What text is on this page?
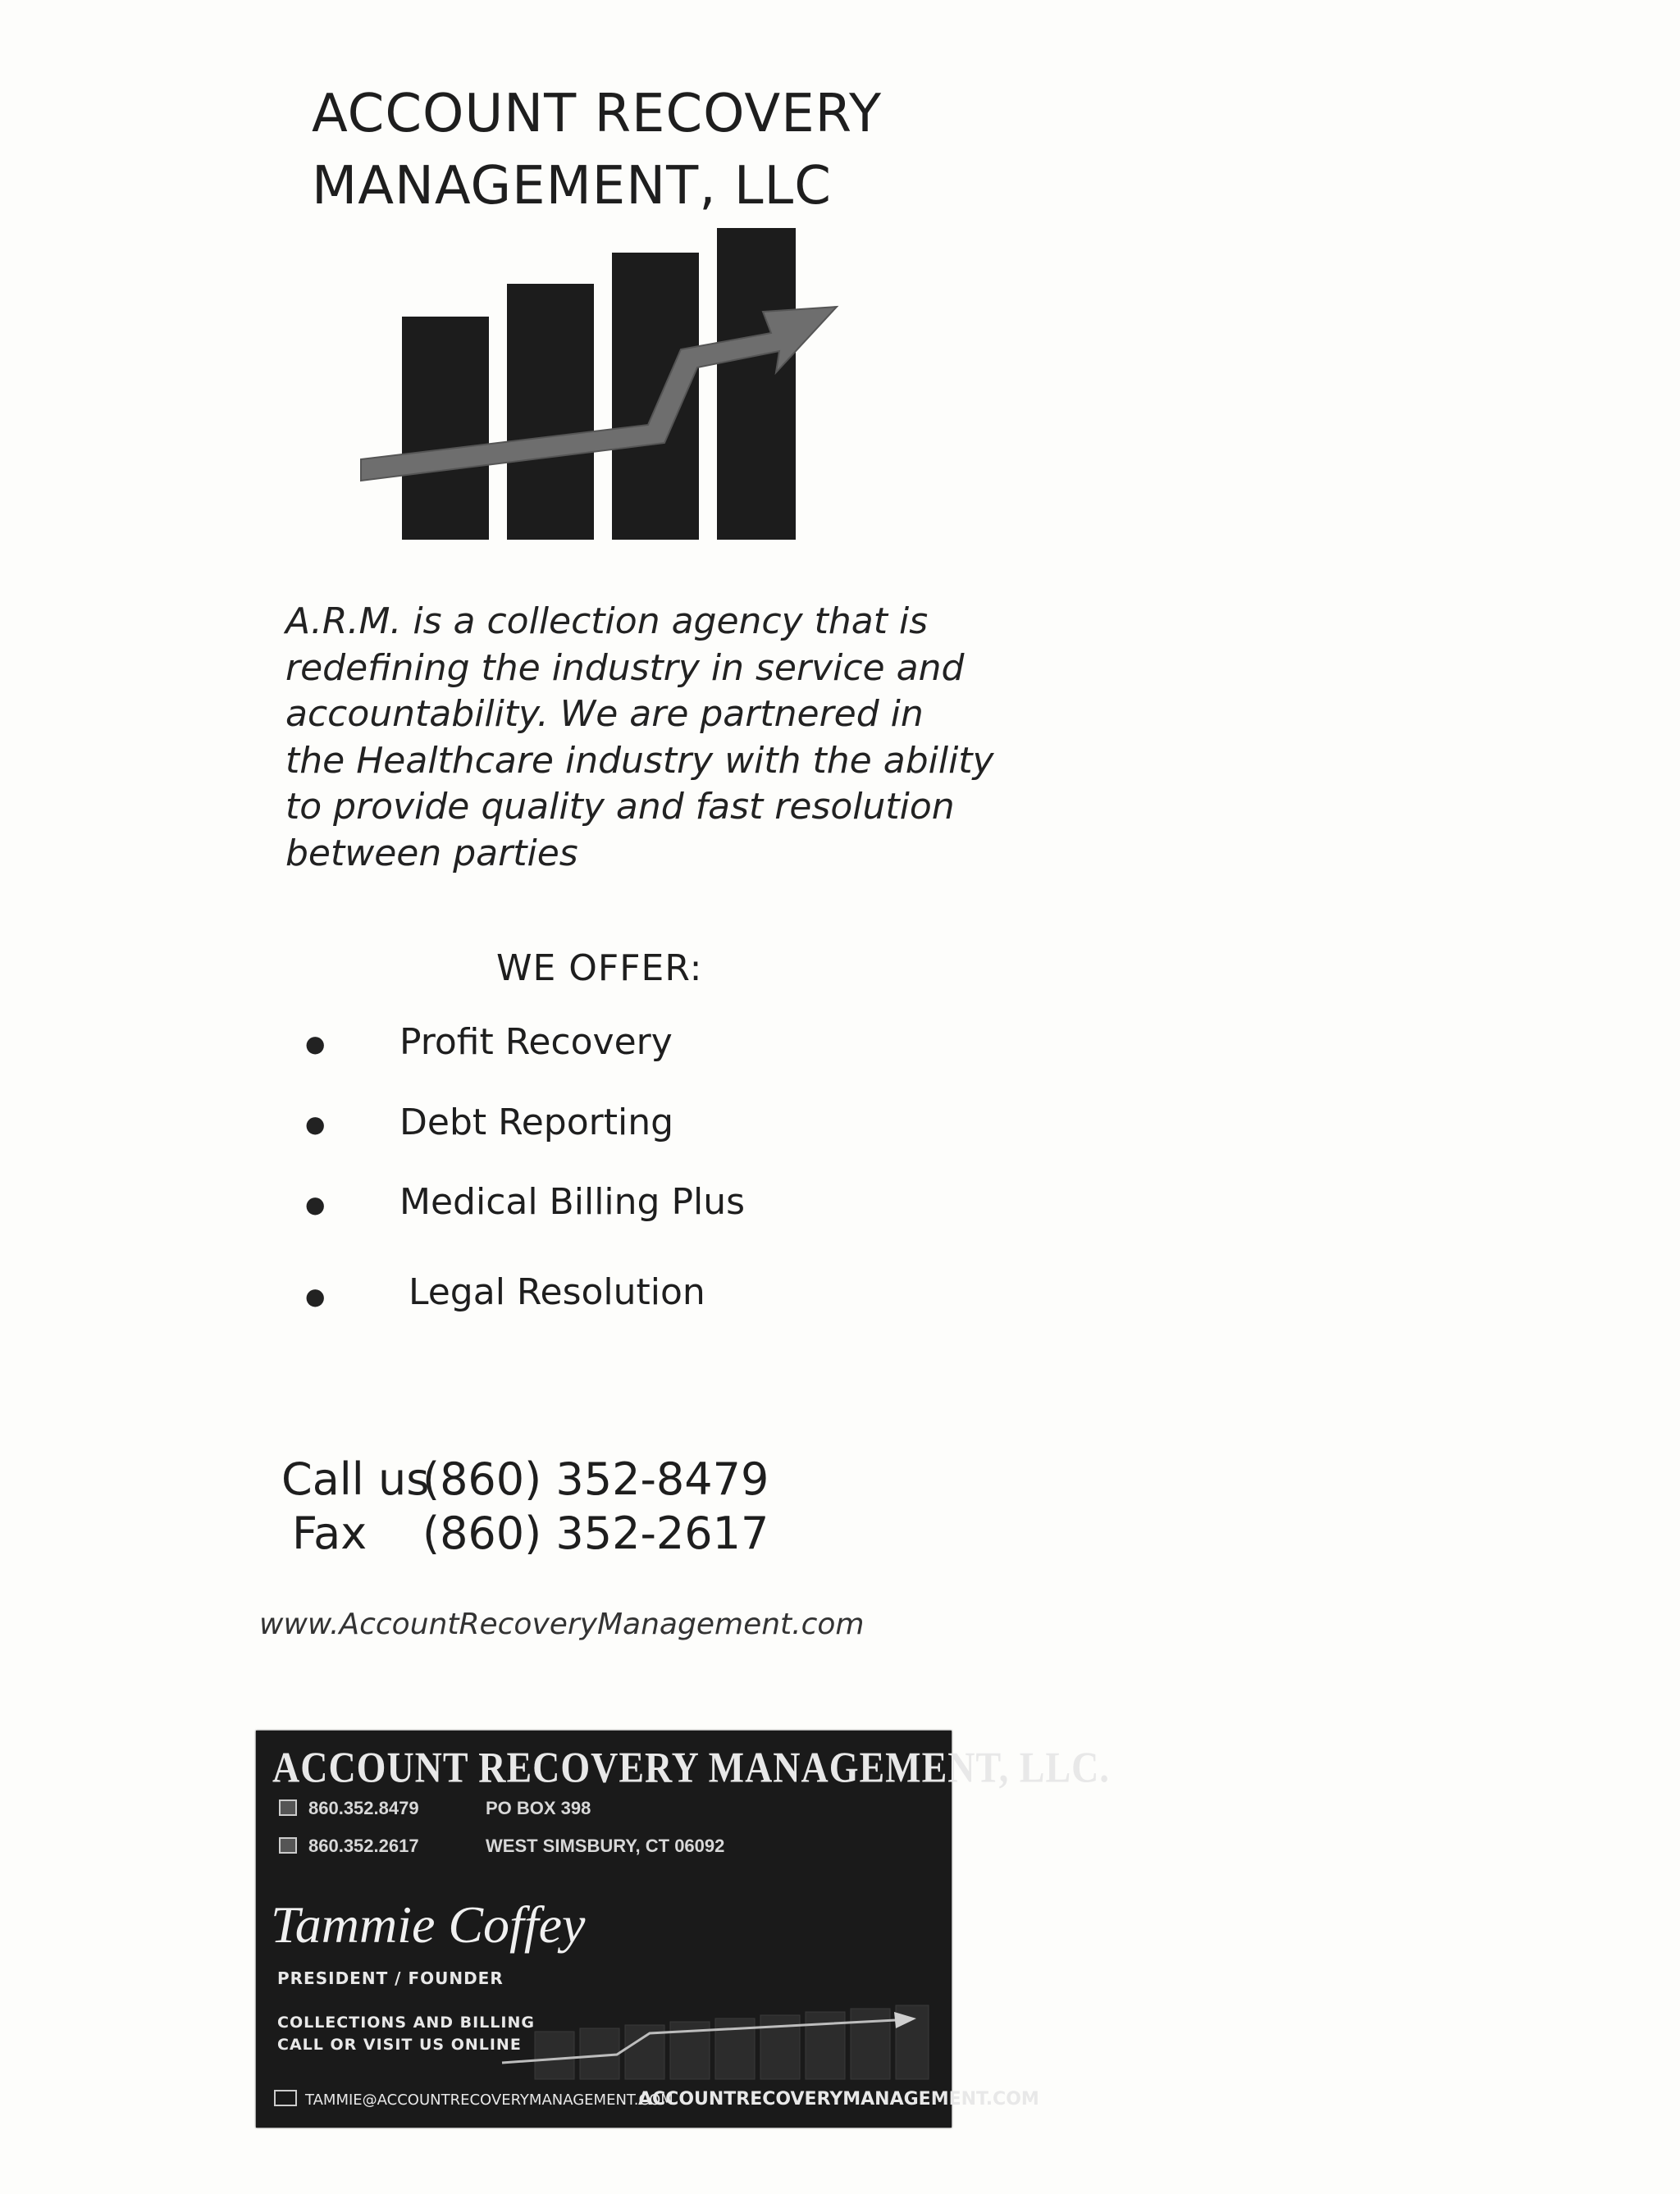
ACCOUNT RECOVERY
MANAGEMENT, LLC
A.R.M. is a collection agency that is
redefining the industry in service and
accountability. We are partnered in
the Healthcare industry with the ability
to provide quality and fast resolution
between parties
WE OFFER:
● Profit Recovery
● Debt Reporting
● Medical Billing Plus
● Legal Resolution
Call us
(860) 352-8479
Fax (860) 352-2617
www.AccountRecoveryManagement.com
ACCOUNT RECOVERY MANAGEMENT, LLC.
860.352.8479	PO BOX 398
860.352.2617	WEST SIMSBURY, CT 06092
Tammie Coffey
PRESIDENT / FOUNDER
COLLECTIONS AND BILLING
CALL OR VISIT US ONLINE
TAMMIE@ACCOUNTRECOVERYMANAGEMENT.COM
ACCOUNTRECOVERYMANAGEMENT.COM
